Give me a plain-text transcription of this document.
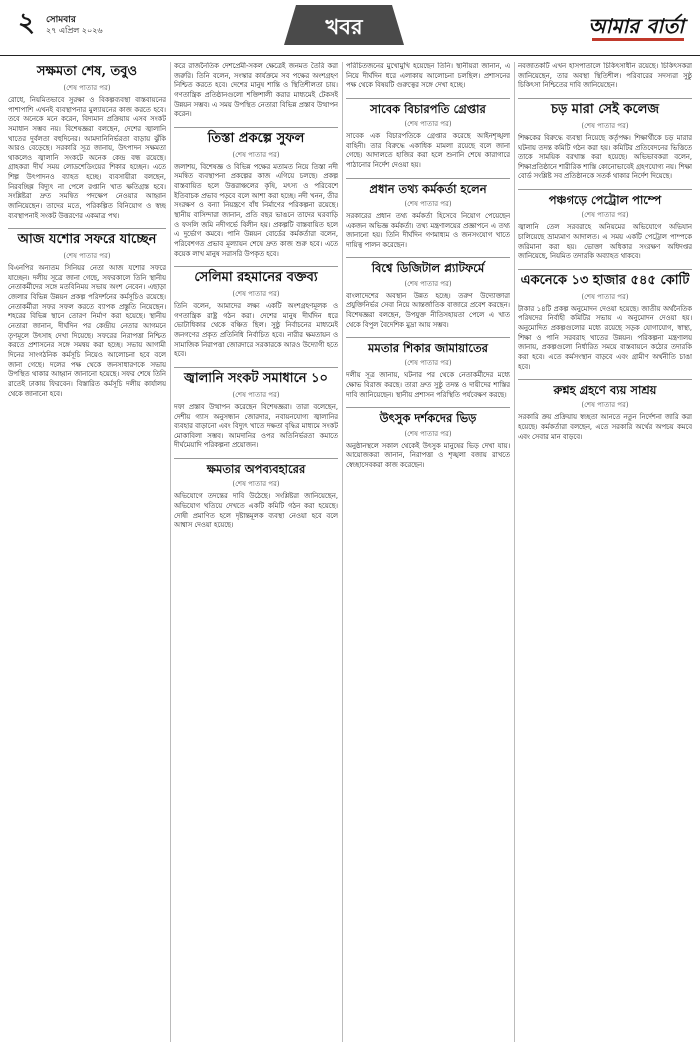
২ সোমবার
২৭ এপ্রিল ২০২৬	খবর	আমার বার্তা
সক্ষমতা শেষ, তবুও
(শেষ পাতার পর)
রোধে, নিয়মিতভাবে সুরক্ষা ও বিকল্পব্যবস্থা বাস্তবায়নের পাশাপাশি এখনই ব্যবস্থাপনার মুল্যায়নের কাজ করতে হবে। তবে অনেকে মনে করেন, বিদ্যমান প্রক্রিয়ায় এসব সংকট সমাধান সম্ভব নয়। বিশেষজ্ঞরা বলছেন, দেশের জ্বালানি খাতের দুর্বলতা বহুদিনের। আমদানিনির্ভরতা বাড়ায় ঝুঁকি আরও বেড়েছে। সরকারি সূত্র জানায়, উৎপাদন সক্ষমতা থাকলেও জ্বালানি সংকটে অনেক কেন্দ্র বন্ধ রয়েছে। গ্রাহকরা দীর্ঘ সময় লোডশেডিংয়ের শিকার হচ্ছেন। এতে শিল্প উৎপাদনও ব্যাহত হচ্ছে। ব্যবসায়ীরা বলছেন, নিরবচ্ছিন্ন বিদ্যুৎ না পেলে রপ্তানি খাত ক্ষতিগ্রস্ত হবে। সংশ্লিষ্টরা দ্রুত সমন্বিত পদক্ষেপ নেওয়ার আহ্বান জানিয়েছেন। তাদের মতে, পরিকল্পিত বিনিয়োগ ও স্বচ্ছ ব্যবস্থাপনাই সংকট উত্তরণের একমাত্র পথ।
আজ যশোর সফরে যাচ্ছেন
(শেষ পাতার পর)
বিএনপির অন্যতম সিনিয়র নেতা আজ যশোর সফরে যাচ্ছেন। দলীয় সূত্রে জানা গেছে, সফরকালে তিনি স্থানীয় নেতাকর্মীদের সঙ্গে মতবিনিময় সভায় অংশ নেবেন। এছাড়া জেলার বিভিন্ন উন্নয়ন প্রকল্প পরিদর্শনের কর্মসূচিও রয়েছে। নেতাকর্মীরা সফর সফল করতে ব্যাপক প্রস্তুতি নিয়েছেন। শহরের বিভিন্ন স্থানে তোরণ নির্মাণ করা হয়েছে। স্থানীয় নেতারা জানান, দীর্ঘদিন পর কেন্দ্রীয় নেতার আগমনে তৃণমূলে উৎসাহ দেখা দিয়েছে। সফরের নিরাপত্তা নিশ্চিত করতে প্রশাসনের সঙ্গে সমন্বয় করা হচ্ছে। সভায় আগামী দিনের সাংগঠনিক কর্মসূচি নিয়েও আলোচনা হবে বলে জানা গেছে। দলের পক্ষ থেকে জনসাধারণকে সভায় উপস্থিত থাকার আহ্বান জানানো হয়েছে। সফর শেষে তিনি রাতেই ঢাকায় ফিরবেন। বিস্তারিত কর্মসূচি দলীয় কার্যালয় থেকে জানানো হবে।
করে রাজনৈতিক দেশপ্রেমী-সকল ক্ষেত্রেই জনমত তৈরি করা জরুরি। তিনি বলেন, সংস্কার কার্যক্রমে সব পক্ষের অংশগ্রহণ নিশ্চিত করতে হবে। দেশের মানুষ শান্তি ও স্থিতিশীলতা চায়। গণতান্ত্রিক প্রতিষ্ঠানগুলো শক্তিশালী করার মাধ্যমেই টেকসই উন্নয়ন সম্ভব। এ সময় উপস্থিত নেতারা বিভিন্ন প্রস্তাব উত্থাপন করেন।
তিস্তা প্রকল্পে সুফল
(শেষ পাতার পর)
জলাশয়, বিশেষজ্ঞ ও বিভিন্ন পক্ষের মতামত নিয়ে তিস্তা নদী সমন্বিত ব্যবস্থাপনা প্রকল্পের কাজ এগিয়ে চলছে। প্রকল্প বাস্তবায়িত হলে উত্তরাঞ্চলের কৃষি, মৎস্য ও পরিবেশে ইতিবাচক প্রভাব পড়বে বলে আশা করা হচ্ছে। নদী খনন, তীর সংরক্ষণ ও বন্যা নিয়ন্ত্রণে বাঁধ নির্মাণের পরিকল্পনা রয়েছে। স্থানীয় বাসিন্দারা জানান, প্রতি বছর ভাঙনে তাদের ঘরবাড়ি ও ফসলি জমি নদীগর্ভে বিলীন হয়। প্রকল্পটি বাস্তবায়িত হলে এ দুর্ভোগ কমবে। পানি উন্নয়ন বোর্ডের কর্মকর্তারা বলেন, পরিবেশগত প্রভাব মূল্যায়ন শেষে দ্রুত কাজ শুরু হবে। এতে কয়েক লাখ মানুষ সরাসরি উপকৃত হবে।
সেলিমা রহমানের বক্তব্য
(শেষ পাতার পর)
তিনি বলেন, আমাদের লক্ষ্য একটি অংশগ্রহণমূলক ও গণতান্ত্রিক রাষ্ট্র গঠন করা। দেশের মানুষ দীর্ঘদিন ধরে ভোটাধিকার থেকে বঞ্চিত ছিল। সুষ্ঠু নির্বাচনের মাধ্যমেই জনগণের প্রকৃত প্রতিনিধি নির্বাচিত হবে। নারীর ক্ষমতায়ন ও সামাজিক নিরাপত্তা জোরদারে সরকারকে আরও উদ্যোগী হতে হবে।
জ্বালানি সংকট সমাধানে ১০
(শেষ পাতার পর)
দফা প্রস্তাব উত্থাপন করেছেন বিশেষজ্ঞরা। তারা বলেছেন, দেশীয় গ্যাস অনুসন্ধান জোরদার, নবায়নযোগ্য জ্বালানির ব্যবহার বাড়ানো এবং বিদ্যুৎ খাতে দক্ষতা বৃদ্ধির মাধ্যমে সংকট মোকাবিলা সম্ভব। আমদানির ওপর অতিনির্ভরতা কমাতে দীর্ঘমেয়াদি পরিকল্পনা প্রয়োজন।
ক্ষমতার অপব্যবহারের
(শেষ পাতার পর)
অভিযোগে তদন্তের দাবি উঠেছে। সংশ্লিষ্টরা জানিয়েছেন, অভিযোগ খতিয়ে দেখতে একটি কমিটি গঠন করা হয়েছে। দোষী প্রমাণিত হলে দৃষ্টান্তমূলক ব্যবস্থা নেওয়া হবে বলে আশ্বাস দেওয়া হয়েছে।
পরিচিতজনের মুখোমুখি হয়েছেন তিনি। স্থানীয়রা জানান, এ নিয়ে দীর্ঘদিন ধরে এলাকায় আলোচনা চলছিল। প্রশাসনের পক্ষ থেকে বিষয়টি গুরুত্বের সঙ্গে দেখা হচ্ছে।
সাবেক বিচারপতি গ্রেপ্তার
(শেষ পাতার পর)
সাবেক এক বিচারপতিকে গ্রেপ্তার করেছে আইনশৃঙ্খলা বাহিনী। তার বিরুদ্ধে একাধিক মামলা রয়েছে বলে জানা গেছে। আদালতে হাজির করা হলে শুনানি শেষে কারাগারে পাঠানোর নির্দেশ দেওয়া হয়।
প্রধান তথ্য কর্মকর্তা হলেন
(শেষ পাতার পর)
সরকারের প্রধান তথ্য কর্মকর্তা হিসেবে নিয়োগ পেয়েছেন একজন অভিজ্ঞ কর্মকর্তা। তথ্য মন্ত্রণালয়ের প্রজ্ঞাপনে এ তথ্য জানানো হয়। তিনি দীর্ঘদিন গণমাধ্যম ও জনসংযোগ খাতে দায়িত্ব পালন করেছেন।
বিশ্বে ডিজিটাল প্ল্যাটফর্মে
(শেষ পাতার পর)
বাংলাদেশের অবস্থান উন্নত হচ্ছে। তরুণ উদ্যোক্তারা প্রযুক্তিনির্ভর সেবা নিয়ে আন্তর্জাতিক বাজারে প্রবেশ করছেন। বিশেষজ্ঞরা বলছেন, উপযুক্ত নীতিসহায়তা পেলে এ খাত থেকে বিপুল বৈদেশিক মুদ্রা আয় সম্ভব।
মমতার শিকার জামায়াতের
(শেষ পাতার পর)
দলীয় সূত্র জানায়, ঘটনার পর থেকে নেতাকর্মীদের মধ্যে ক্ষোভ বিরাজ করছে। তারা দ্রুত সুষ্ঠু তদন্ত ও দায়ীদের শাস্তির দাবি জানিয়েছেন। স্থানীয় প্রশাসন পরিস্থিতি পর্যবেক্ষণ করছে।
উৎসুক দর্শকদের ভিড়
(শেষ পাতার পর)
অনুষ্ঠানস্থলে সকাল থেকেই উৎসুক মানুষের ভিড় দেখা যায়। আয়োজকরা জানান, নিরাপত্তা ও শৃঙ্খলা বজায় রাখতে স্বেচ্ছাসেবকরা কাজ করেছেন।
নবজাতকটি এখন হাসপাতালে চিকিৎসাধীন রয়েছে। চিকিৎসকরা জানিয়েছেন, তার অবস্থা স্থিতিশীল। পরিবারের সদস্যরা সুষ্ঠু চিকিৎসা নিশ্চিতের দাবি জানিয়েছেন।
চড় মারা সেই কলেজ
(শেষ পাতার পর)
শিক্ষকের বিরুদ্ধে ব্যবস্থা নিয়েছে কর্তৃপক্ষ। শিক্ষার্থীকে চড় মারার ঘটনায় তদন্ত কমিটি গঠন করা হয়। কমিটির প্রতিবেদনের ভিত্তিতে তাকে সাময়িক বরখাস্ত করা হয়েছে। অভিভাবকরা বলেন, শিক্ষাপ্রতিষ্ঠানে শারীরিক শাস্তি কোনোভাবেই গ্রহণযোগ্য নয়। শিক্ষা বোর্ড সংশ্লিষ্ট সব প্রতিষ্ঠানকে সতর্ক থাকার নির্দেশ দিয়েছে।
পঞ্চগড়ে পেট্রোল পাম্পে
(শেষ পাতার পর)
জ্বালানি তেল সরবরাহে অনিয়মের অভিযোগে অভিযান চালিয়েছে ভ্রাম্যমাণ আদালত। এ সময় একটি পেট্রোল পাম্পকে জরিমানা করা হয়। ভোক্তা অধিকার সংরক্ষণ অধিদপ্তর জানিয়েছে, নিয়মিত তদারকি অব্যাহত থাকবে।
একনেকে ১৩ হাজার ৫৪৫ কোটি
(শেষ পাতার পর)
টাকার ১৪টি প্রকল্প অনুমোদন দেওয়া হয়েছে। জাতীয় অর্থনৈতিক পরিষদের নির্বাহী কমিটির সভায় এ অনুমোদন দেওয়া হয়। অনুমোদিত প্রকল্পগুলোর মধ্যে রয়েছে সড়ক যোগাযোগ, স্বাস্থ্য, শিক্ষা ও পানি সরবরাহ খাতের উন্নয়ন। পরিকল্পনা মন্ত্রণালয় জানায়, প্রকল্পগুলো নির্ধারিত সময়ে বাস্তবায়নে কঠোর তদারকি করা হবে। এতে কর্মসংস্থান বাড়বে এবং গ্রামীণ অর্থনীতি চাঙা হবে।
রুশ্নহ গ্রহণে ব্যয় সাশ্রয়
(শেষ পাতার পর)
সরকারি ক্রয় প্রক্রিয়ায় স্বচ্ছতা আনতে নতুন নির্দেশনা জারি করা হয়েছে। কর্মকর্তারা বলছেন, এতে সরকারি অর্থের অপচয় কমবে এবং সেবার মান বাড়বে।
